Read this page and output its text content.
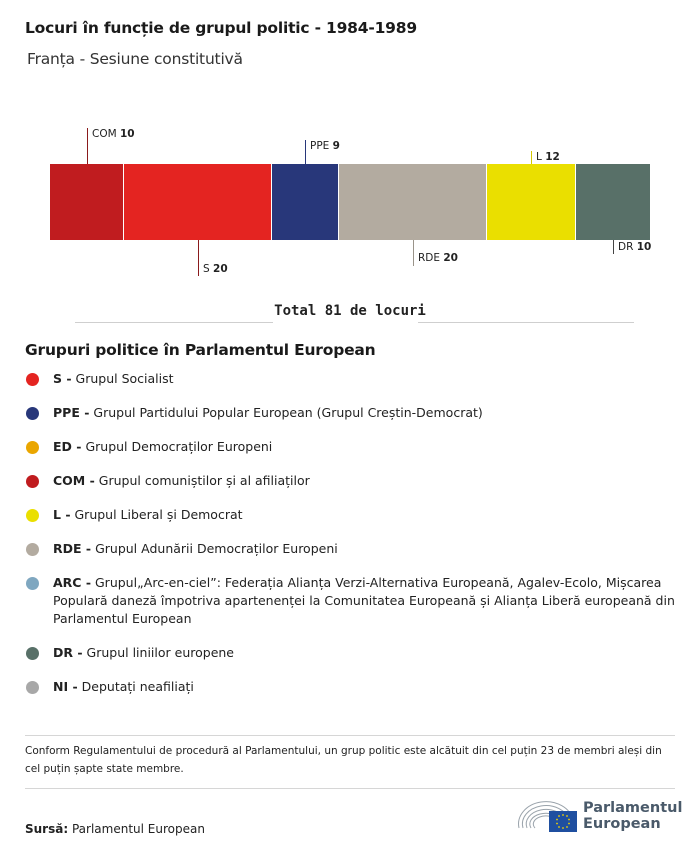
Locuri în funcție de grupul politic - 1984-1989
Franța - Sesiune constitutivă
COM 10
S 20
PPE 9
RDE 20
L 12
DR 10
Total 81 de locuri
Grupuri politice în Parlamentul European
S - Grupul Socialist
PPE - Grupul Partidului Popular European (Grupul Creștin-Democrat)
ED - Grupul Democraților Europeni
COM - Grupul comuniștilor și al afiliaților
L - Grupul Liberal și Democrat
RDE - Grupul Adunării Democraților Europeni
ARC - Grupul„Arc-en-ciel”: Federația Alianța Verzi-Alternativa Europeană, Agalev-Ecolo, Mișcarea Populară daneză împotriva apartenenței la Comunitatea Europeană și Alianța Liberă europeană din Parlamentul European
DR - Grupul liniilor europene
NI - Deputați neafiliați
Conform Regulamentului de procedură al Parlamentului, un grup politic este alcătuit din cel puțin 23 de membri aleși din cel puțin șapte state membre.
Sursă: Parlamentul European
Parlamentul
European
